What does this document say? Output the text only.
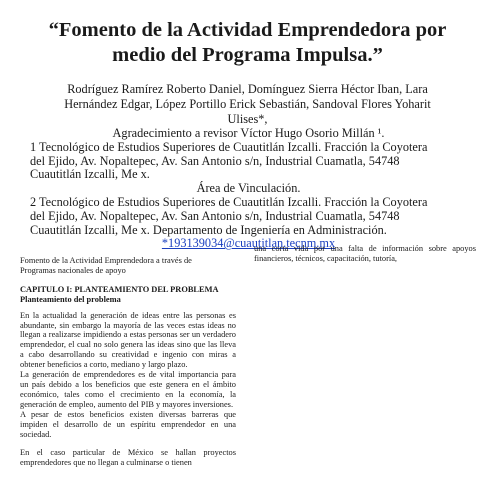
“Fomento de la Actividad Emprendedora por
medio del Programa Impulsa.”
Rodríguez Ramírez Roberto Daniel, Domínguez Sierra Héctor Iban, Lara
Hernández Edgar, López Portillo Erick Sebastián, Sandoval Flores Yoharit
Ulises*,
Agradecimiento a revisor Víctor Hugo Osorio Millán ¹.
1 Tecnológico de Estudios Superiores de Cuautitlán Izcalli. Fracción la Coyotera
del Ejido, Av. Nopaltepec, Av. San Antonio s/n, Industrial Cuamatla, 54748
Cuautitlán Izcalli, Me x.
Área de Vinculación.
2 Tecnológico de Estudios Superiores de Cuautitlán Izcalli. Fracción la Coyotera
del Ejido, Av. Nopaltepec, Av. San Antonio s/n, Industrial Cuamatla, 54748
Cuautitlán Izcalli, Me x. Departamento de Ingeniería en Administración.
*193139034@cuautitlan.tecnm.mx

Fomento de la Actividad Emprendedora a través de
Programas nacionales de apoyo

CAPITULO I: PLANTEAMIENTO DEL PROBLEMA

Planteamiento del problema

En la actualidad la generación de ideas entre las personas es abundante, sin embargo la mayoría de las veces estas ideas no llegan a realizarse impidiendo a estas personas ser un verdadero emprendedor, el cual no solo genera las ideas sino que las lleva a cabo desarrollando su creatividad e ingenio con miras a obtener beneficios a corto, mediano y largo plazo.

La generación de emprendedores es de vital importancia para un país debido a los beneficios que este genera en el ámbito económico, tales como el crecimiento en la economía, la generación de empleo, aumento del PIB y mayores inversiones.

A pesar de estos beneficios existen diversas barreras que impiden el desarrollo de un espíritu emprendedor en una sociedad.

En el caso particular de México se hallan proyectos emprendedores que no llegan a culminarse o tienen

una corta vida por una falta de información sobre apoyos financieros, técnicos, capacitación, tutoría,
